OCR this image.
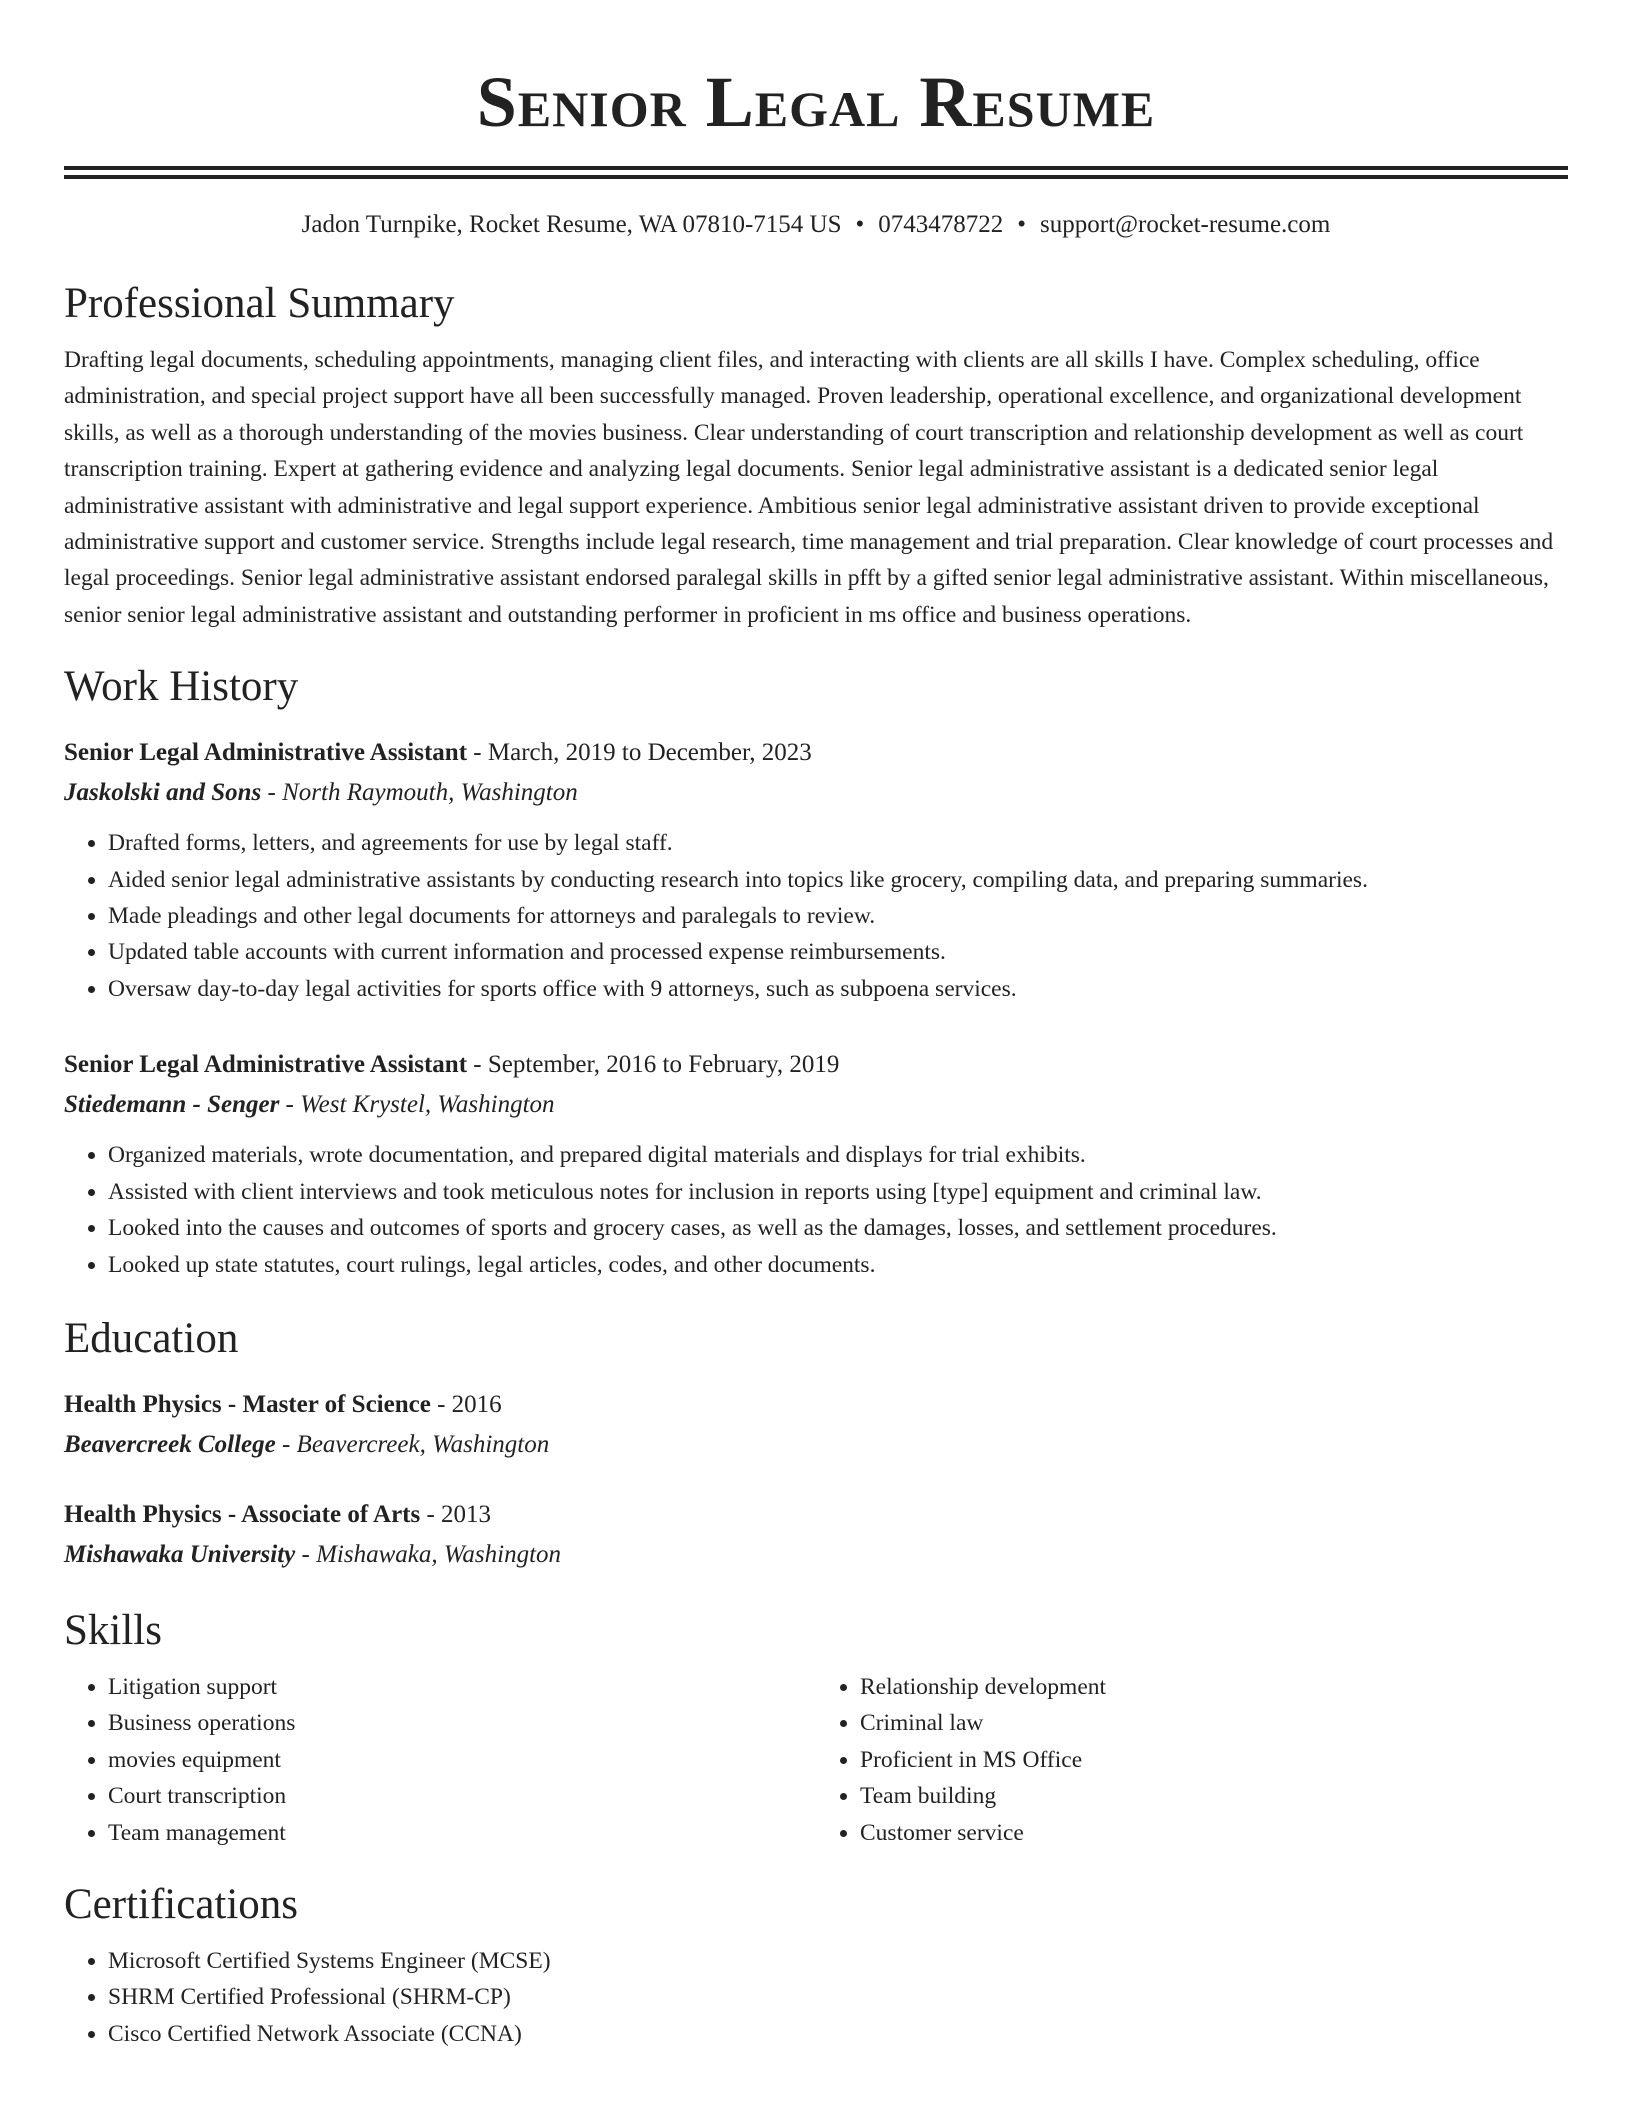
Senior Legal Resume
Jadon Turnpike, Rocket Resume, WA 07810-7154 US • 0743478722 • support@rocket-resume.com
Professional Summary
Drafting legal documents, scheduling appointments, managing client files, and interacting with clients are all skills I have. Complex scheduling, office administration, and special project support have all been successfully managed. Proven leadership, operational excellence, and organizational development skills, as well as a thorough understanding of the movies business. Clear understanding of court transcription and relationship development as well as court transcription training. Expert at gathering evidence and analyzing legal documents. Senior legal administrative assistant is a dedicated senior legal administrative assistant with administrative and legal support experience. Ambitious senior legal administrative assistant driven to provide exceptional administrative support and customer service. Strengths include legal research, time management and trial preparation. Clear knowledge of court processes and legal proceedings. Senior legal administrative assistant endorsed paralegal skills in pfft by a gifted senior legal administrative assistant. Within miscellaneous, senior senior legal administrative assistant and outstanding performer in proficient in ms office and business operations.
Work History
Senior Legal Administrative Assistant - March, 2019 to December, 2023
Jaskolski and Sons - North Raymouth, Washington
• Drafted forms, letters, and agreements for use by legal staff.
• Aided senior legal administrative assistants by conducting research into topics like grocery, compiling data, and preparing summaries.
• Made pleadings and other legal documents for attorneys and paralegals to review.
• Updated table accounts with current information and processed expense reimbursements.
• Oversaw day-to-day legal activities for sports office with 9 attorneys, such as subpoena services.
Senior Legal Administrative Assistant - September, 2016 to February, 2019
Stiedemann - Senger - West Krystel, Washington
• Organized materials, wrote documentation, and prepared digital materials and displays for trial exhibits.
• Assisted with client interviews and took meticulous notes for inclusion in reports using [type] equipment and criminal law.
• Looked into the causes and outcomes of sports and grocery cases, as well as the damages, losses, and settlement procedures.
• Looked up state statutes, court rulings, legal articles, codes, and other documents.
Education
Health Physics - Master of Science - 2016
Beavercreek College - Beavercreek, Washington
Health Physics - Associate of Arts - 2013
Mishawaka University - Mishawaka, Washington
Skills
• Litigation support
• Business operations
• movies equipment
• Court transcription
• Team management
• Relationship development
• Criminal law
• Proficient in MS Office
• Team building
• Customer service
Certifications
• Microsoft Certified Systems Engineer (MCSE)
• SHRM Certified Professional (SHRM-CP)
• Cisco Certified Network Associate (CCNA)
